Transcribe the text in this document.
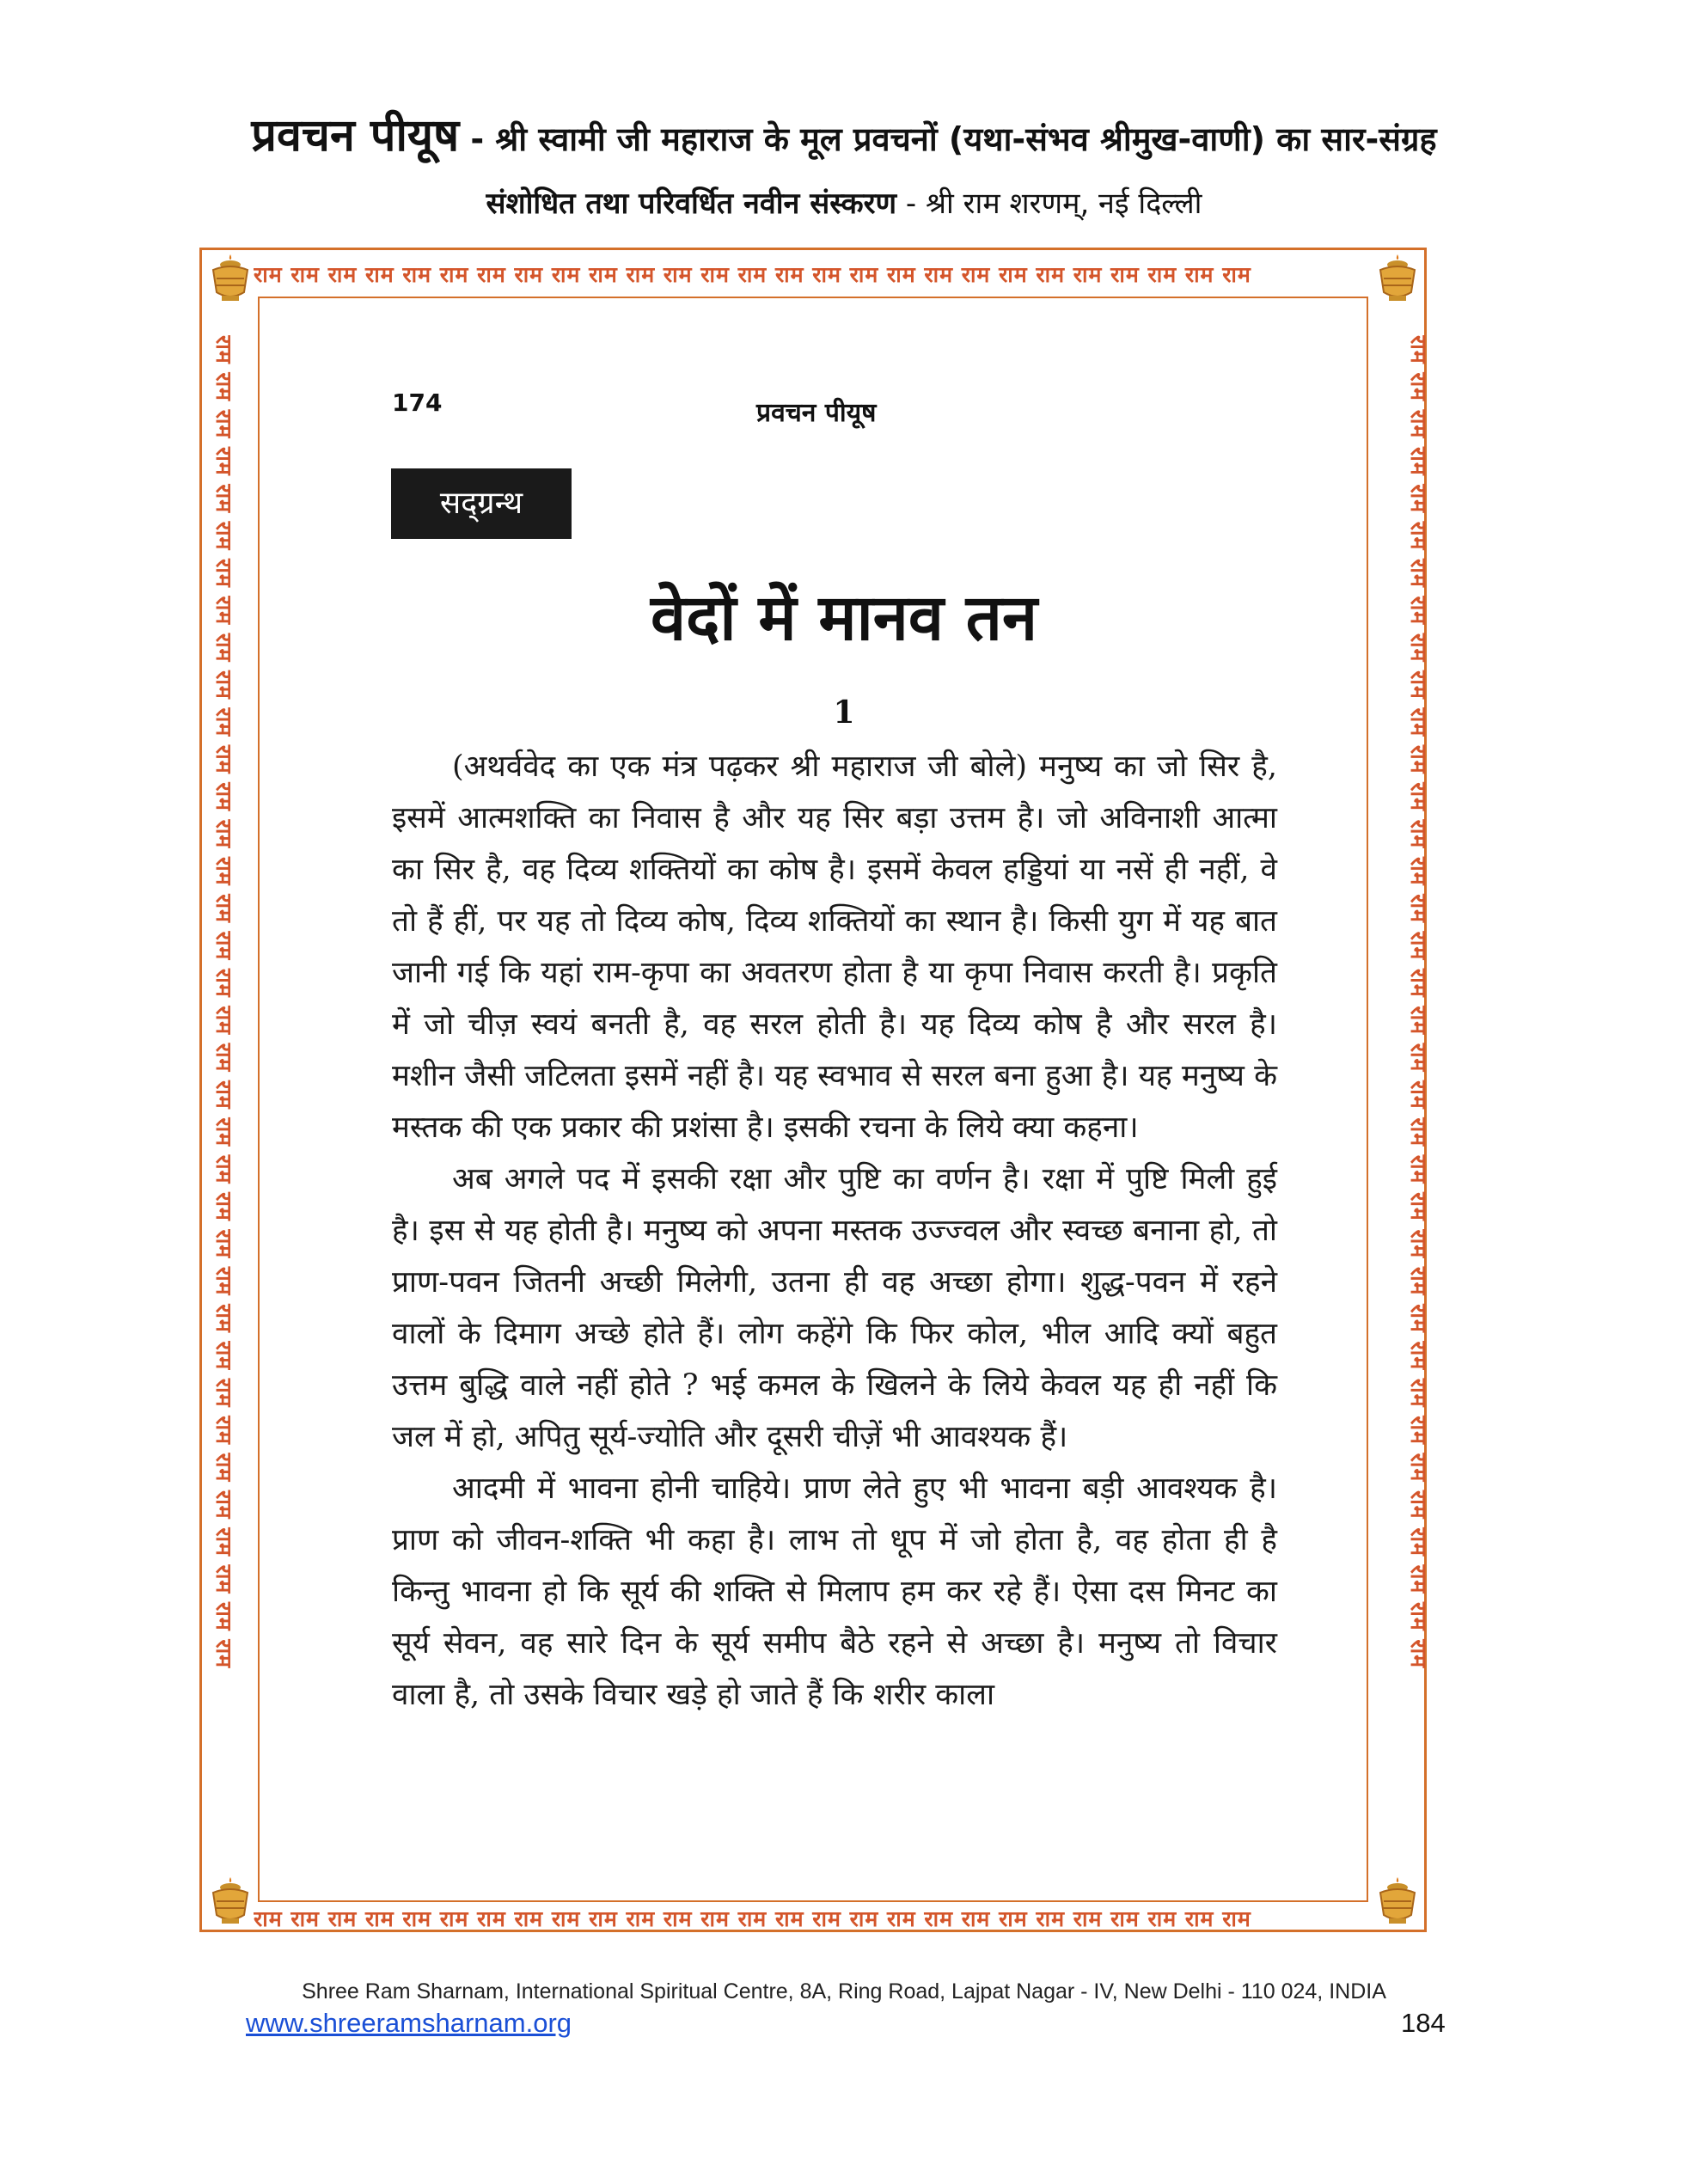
प्रवचन पीयूष - श्री स्वामी जी महाराज के मूल प्रवचनों (यथा-संभव श्रीमुख-वाणी) का सार-संग्रह
संशोधित तथा परिवर्धित नवीन संस्करण - श्री राम शरणम्, नई दिल्ली
राम राम राम राम राम राम राम राम राम राम राम राम राम राम राम राम राम राम राम राम राम राम राम राम राम राम राम
राम राम राम राम राम राम राम राम राम राम राम राम राम राम राम राम राम राम राम राम राम राम राम राम राम राम राम
राम राम राम राम राम राम राम राम राम राम राम राम राम राम राम राम राम राम राम राम राम राम राम राम राम राम राम राम राम राम राम राम राम राम राम राम	राम राम राम राम राम राम राम राम राम राम राम राम राम राम राम राम राम राम राम राम राम राम राम राम राम राम राम राम राम राम राम राम राम राम राम राम
174	प्रवचन पीयूष
सद्‌ग्रन्थ
वेदों में मानव तन
1

(अथर्ववेद का एक मंत्र पढ़कर श्री महाराज जी बोले) मनुष्य का जो सिर है, इसमें आत्मशक्ति का निवास है और यह सिर बड़ा उत्तम है। जो अविनाशी आत्मा का सिर है, वह दिव्य शक्तियों का कोष है। इसमें केवल हड्डियां या नसें ही नहीं, वे तो हैं हीं, पर यह तो दिव्य कोष, दिव्य शक्तियों का स्थान है। किसी युग में यह बात जानी गई कि यहां राम-कृपा का अवतरण होता है या कृपा निवास करती है। प्रकृति में जो चीज़ स्वयं बनती है, वह सरल होती है। यह दिव्य कोष है और सरल है। मशीन जैसी जटिलता इसमें नहीं है। यह स्वभाव से सरल बना हुआ है। यह मनुष्य के मस्तक की एक प्रकार की प्रशंसा है। इसकी रचना के लिये क्या कहना।

अब अगले पद में इसकी रक्षा और पुष्टि का वर्णन है। रक्षा में पुष्टि मिली हुई है। इस से यह होती है। मनुष्य को अपना मस्तक उज्ज्वल और स्वच्छ बनाना हो, तो प्राण-पवन जितनी अच्छी मिलेगी, उतना ही वह अच्छा होगा। शुद्ध-पवन में रहने वालों के दिमाग अच्छे होते हैं। लोग कहेंगे कि फिर कोल, भील आदि क्यों बहुत उत्तम बुद्धि वाले नहीं होते ? भई कमल के खिलने के लिये केवल यह ही नहीं कि जल में हो, अपितु सूर्य-ज्योति और दूसरी चीज़ें भी आवश्यक हैं।

आदमी में भावना होनी चाहिये। प्राण लेते हुए भी भावना बड़ी आवश्यक है। प्राण को जीवन-शक्ति भी कहा है। लाभ तो धूप में जो होता है, वह होता ही है किन्तु भावना हो कि सूर्य की शक्ति से मिलाप हम कर रहे हैं। ऐसा दस मिनट का सूर्य सेवन, वह सारे दिन के सूर्य समीप बैठे रहने से अच्छा है। मनुष्य तो विचार वाला है, तो उसके विचार खड़े हो जाते हैं कि शरीर काला

Shree Ram Sharnam, International Spiritual Centre, 8A, Ring Road, Lajpat Nagar - IV, New Delhi - 110 024, INDIA
www.shreeramsharnam.org	184
